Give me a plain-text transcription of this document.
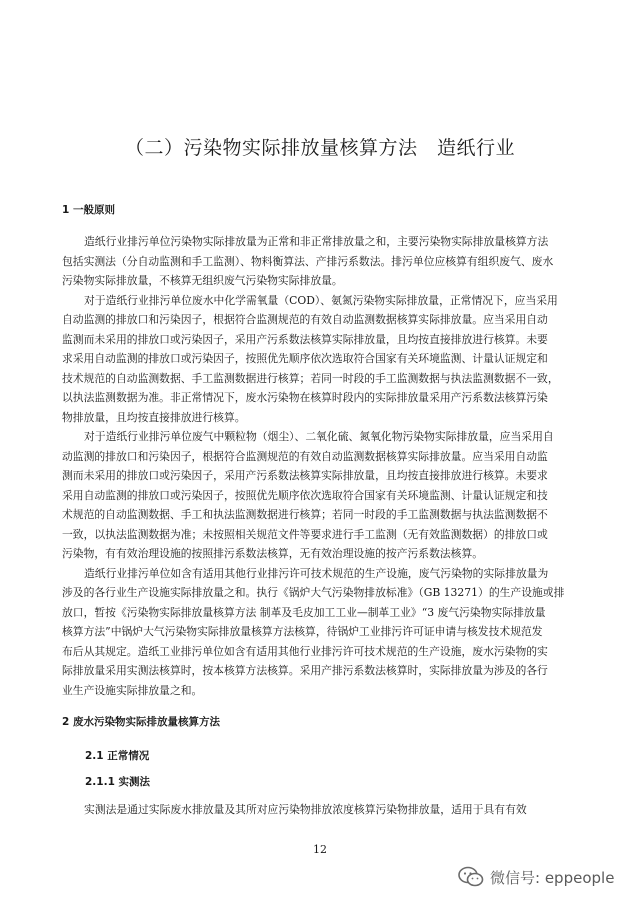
（二）污染物实际排放量核算方法　造纸行业
1 一般原则
造纸行业排污单位污染物实际排放量为正常和非正常排放量之和，主要污染物实际排放量核算方法
包括实测法（分自动监测和手工监测）、物料衡算法、产排污系数法。排污单位应核算有组织废气、废水
污染物实际排放量，不核算无组织废气污染物实际排放量。
对于造纸行业排污单位废水中化学需氧量（COD）、氨氮污染物实际排放量，正常情况下，应当采用
自动监测的排放口和污染因子，根据符合监测规范的有效自动监测数据核算实际排放量。应当采用自动
监测而未采用的排放口或污染因子，采用产污系数法核算实际排放量，且均按直接排放进行核算。未要
求采用自动监测的排放口或污染因子，按照优先顺序依次选取符合国家有关环境监测、计量认证规定和
技术规范的自动监测数据、手工监测数据进行核算；若同一时段的手工监测数据与执法监测数据不一致，
以执法监测数据为准。非正常情况下，废水污染物在核算时段内的实际排放量采用产污系数法核算污染
物排放量，且均按直接排放进行核算。
对于造纸行业排污单位废气中颗粒物（烟尘）、二氧化硫、氮氧化物污染物实际排放量，应当采用自
动监测的排放口和污染因子，根据符合监测规范的有效自动监测数据核算实际排放量。应当采用自动监
测而未采用的排放口或污染因子，采用产污系数法核算实际排放量，且均按直接排放进行核算。未要求
采用自动监测的排放口或污染因子，按照优先顺序依次选取符合国家有关环境监测、计量认证规定和技
术规范的自动监测数据、手工和执法监测数据进行核算；若同一时段的手工监测数据与执法监测数据不
一致，以执法监测数据为准；未按照相关规范文件等要求进行手工监测（无有效监测数据）的排放口或
污染物，有有效治理设施的按照排污系数法核算，无有效治理设施的按产污系数法核算。
造纸行业排污单位如含有适用其他行业排污许可技术规范的生产设施，废气污染物的实际排放量为
涉及的各行业生产设施实际排放量之和。执行《锅炉大气污染物排放标准》（GB 13271）的生产设施或排
放口，暂按《污染物实际排放量核算方法 制革及毛皮加工工业—制革工业》“3 废气污染物实际排放量
核算方法”中锅炉大气污染物实际排放量核算方法核算，待锅炉工业排污许可证申请与核发技术规范发
布后从其规定。造纸工业排污单位如含有适用其他行业排污许可技术规范的生产设施，废水污染物的实
际排放量采用实测法核算时，按本核算方法核算。采用产排污系数法核算时，实际排放量为涉及的各行
业生产设施实际排放量之和。
2 废水污染物实际排放量核算方法
2.1 正常情况
2.1.1 实测法
实测法是通过实际废水排放量及其所对应污染物排放浓度核算污染物排放量，适用于具有有效
12
微信号: eppeople
